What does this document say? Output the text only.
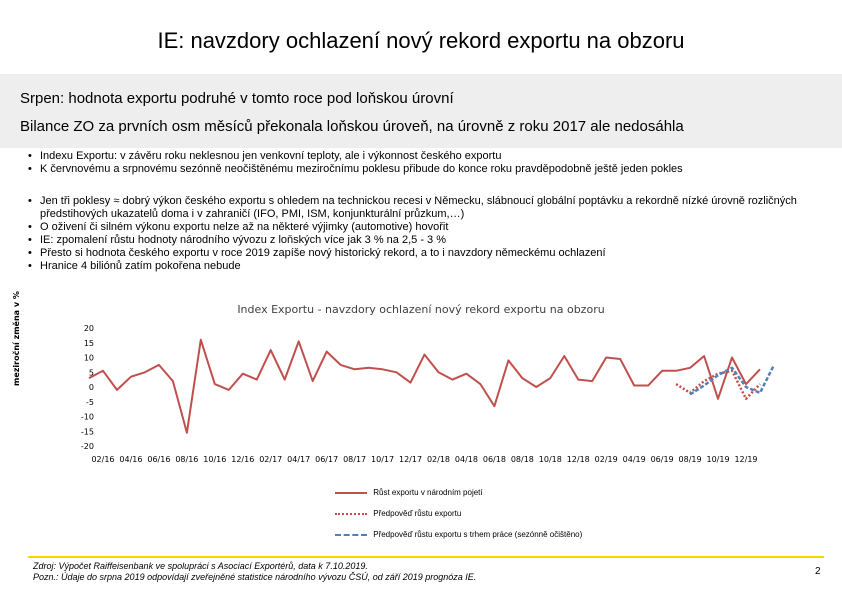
IE: navzdory ochlazení nový rekord exportu na obzoru
Srpen: hodnota exportu podruhé v tomto roce pod loňskou úrovní
Bilance ZO za prvních osm měsíců překonala loňskou úroveň, na úrovně z roku 2017 ale nedosáhla
• Indexu Exportu: v závěru roku neklesnou jen venkovní teploty, ale i výkonnost českého exportu
• K červnovému a srpnovému sezónně neočištěnému meziročnímu poklesu přibude do konce roku pravděpodobně ještě jeden pokles
• Jen tři poklesy ≈ dobrý výkon českého exportu s ohledem na technickou recesi v Německu, slábnoucí globální poptávku a rekordně nízké úrovně rozličných předstihových ukazatelů doma i v zahraničí (IFO, PMI, ISM, konjunkturální průzkum,…)
• O oživení či silném výkonu exportu nelze až na některé výjimky (automotive) hovořit
• IE: zpomalení růstu hodnoty národního vývozu z loňských více jak 3 % na 2,5 - 3 %
• Přesto si hodnota českého exportu v roce 2019 zapíše nový historický rekord, a to i navzdory německému ochlazení
• Hranice 4 biliónů zatím pokořena nebude
Index Exportu - navzdory ochlazení nový rekord exportu na obzoru
meziroční změna v %	20
15
10
5
0
-5
-10
-15
-20
02/16 04/16 06/16 08/16 10/16 12/16 02/17 04/17 06/17 08/17 10/17 12/17 02/18 04/18 06/18 08/18 10/18 12/18 02/19 04/19 06/19 08/19 10/19 12/19
Růst exportu v národním pojetí
Předpověď růstu exportu
Předpověď růstu exportu s trhem práce (sezónně očištěno)
Zdroj: Výpočet Raiffeisenbank ve spolupráci s Asociací Exportérů, data k 7.10.2019.
Pozn.: Údaje do srpna 2019 odpovídají zveřejněné statistice národního vývozu ČSÚ, od září 2019 prognóza IE.	2
